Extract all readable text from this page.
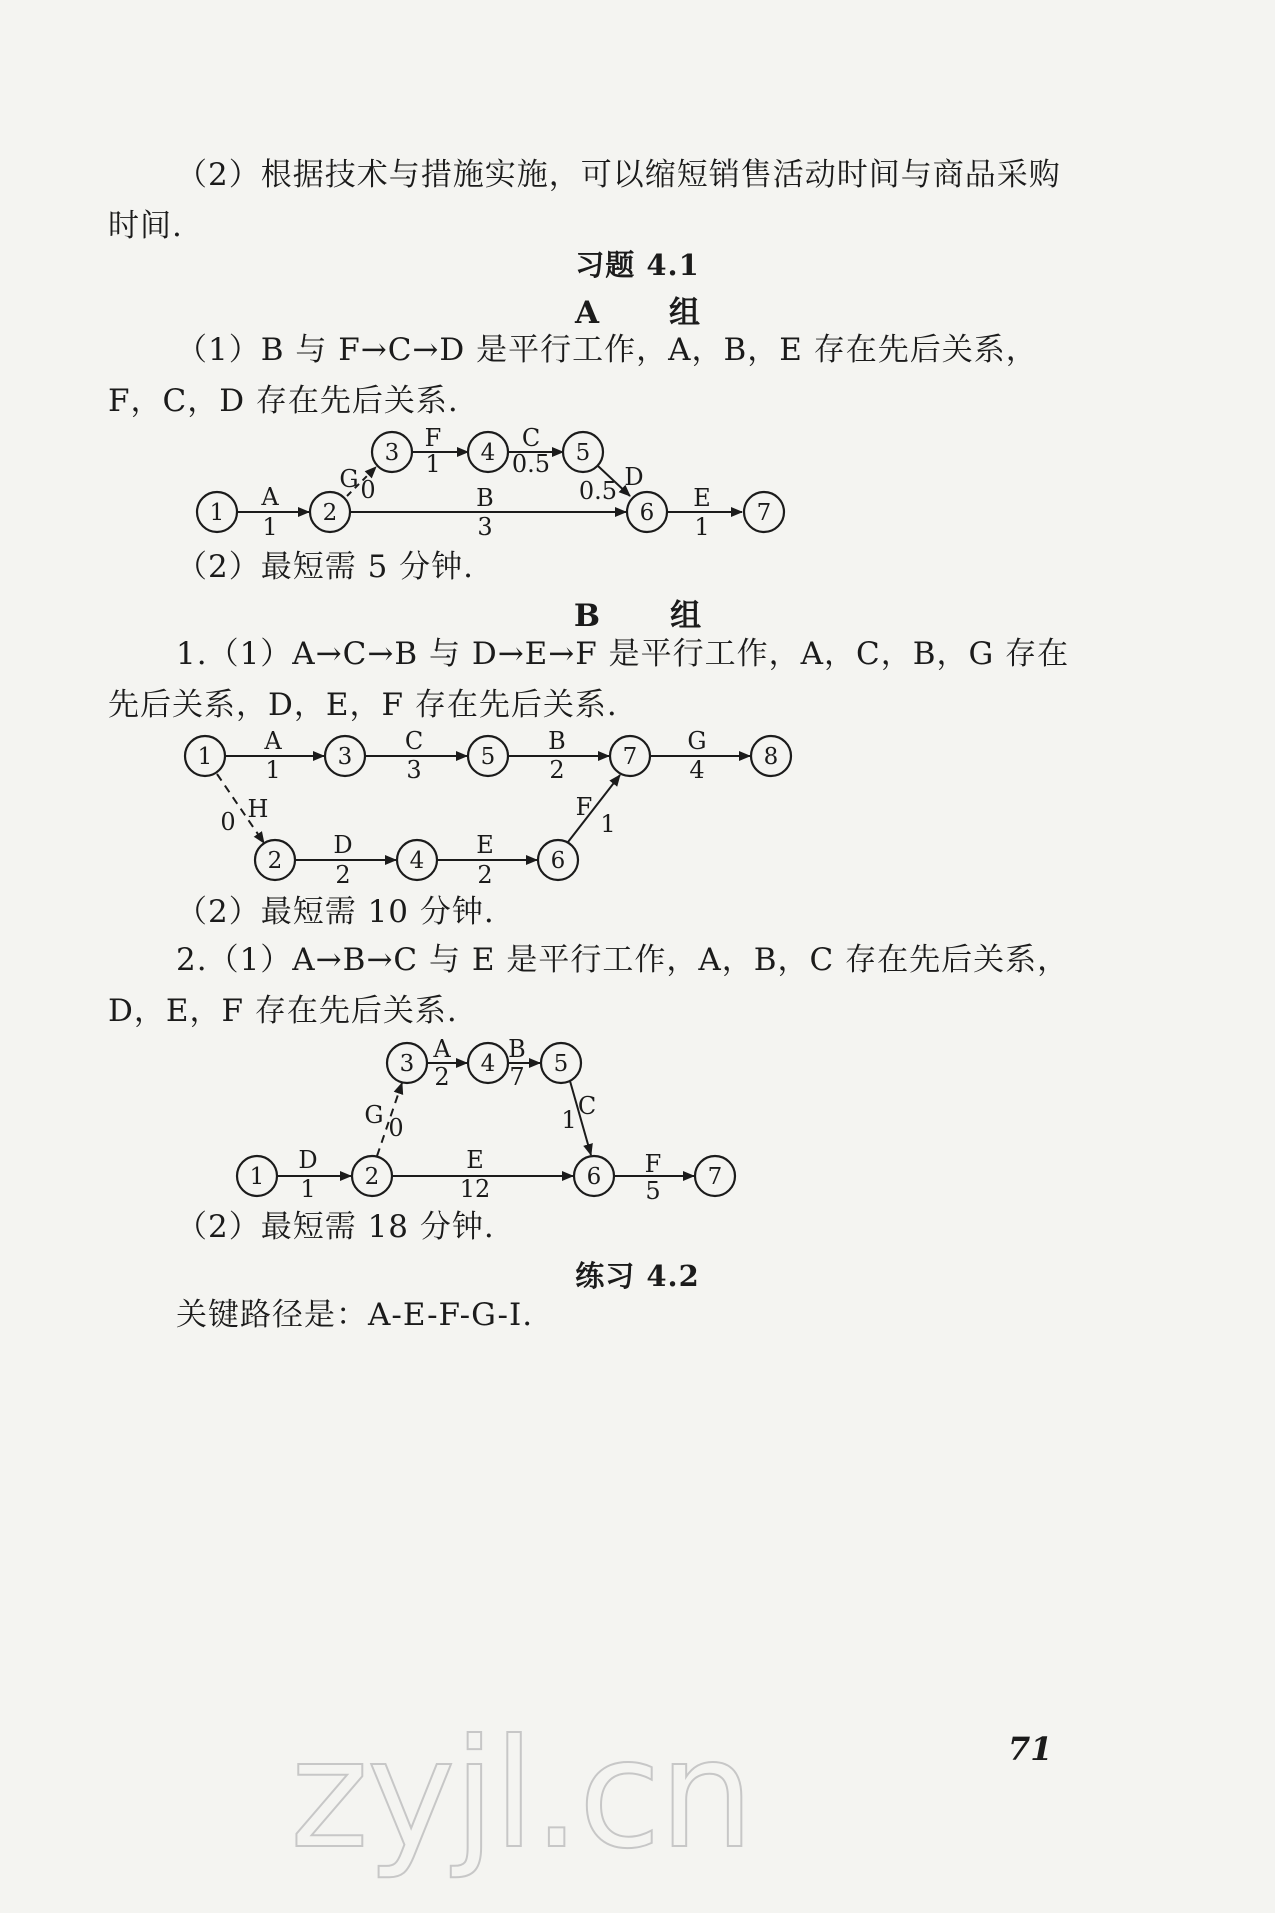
（2）根据技术与措施实施，可以缩短销售活动时间与商品采购时间.

习题 4.1

A 组

（1）B 与 F→C→D 是平行工作，A，B，E 存在先后关系，F，C，D 存在先后关系.

1	2
3	4	5
6	7
A
1
G 0
F
1
C
0.5	D
0.5
B
3
E
1

（2）最短需 5 分钟.

B 组

1.（1）A→C→B 与 D→E→F 是平行工作，A，C，B，G 存在先后关系，D，E，F 存在先后关系.

1	3	5	7	8
2	4	6
A
1
C
3
B
2
G
4
H
0
D
2
E
2
F
1

（2）最短需 10 分钟.

2.（1）A→B→C 与 E 是平行工作，A，B，C 存在先后关系，D，E，F 存在先后关系.

3	4	5
1	2	6	7
A
2
B
7
C
1
G 0
D
1
E
12
F
5

（2）最短需 18 分钟.

练习 4.2

关键路径是：A-E-F-G-I.

71
zyjl.cn
